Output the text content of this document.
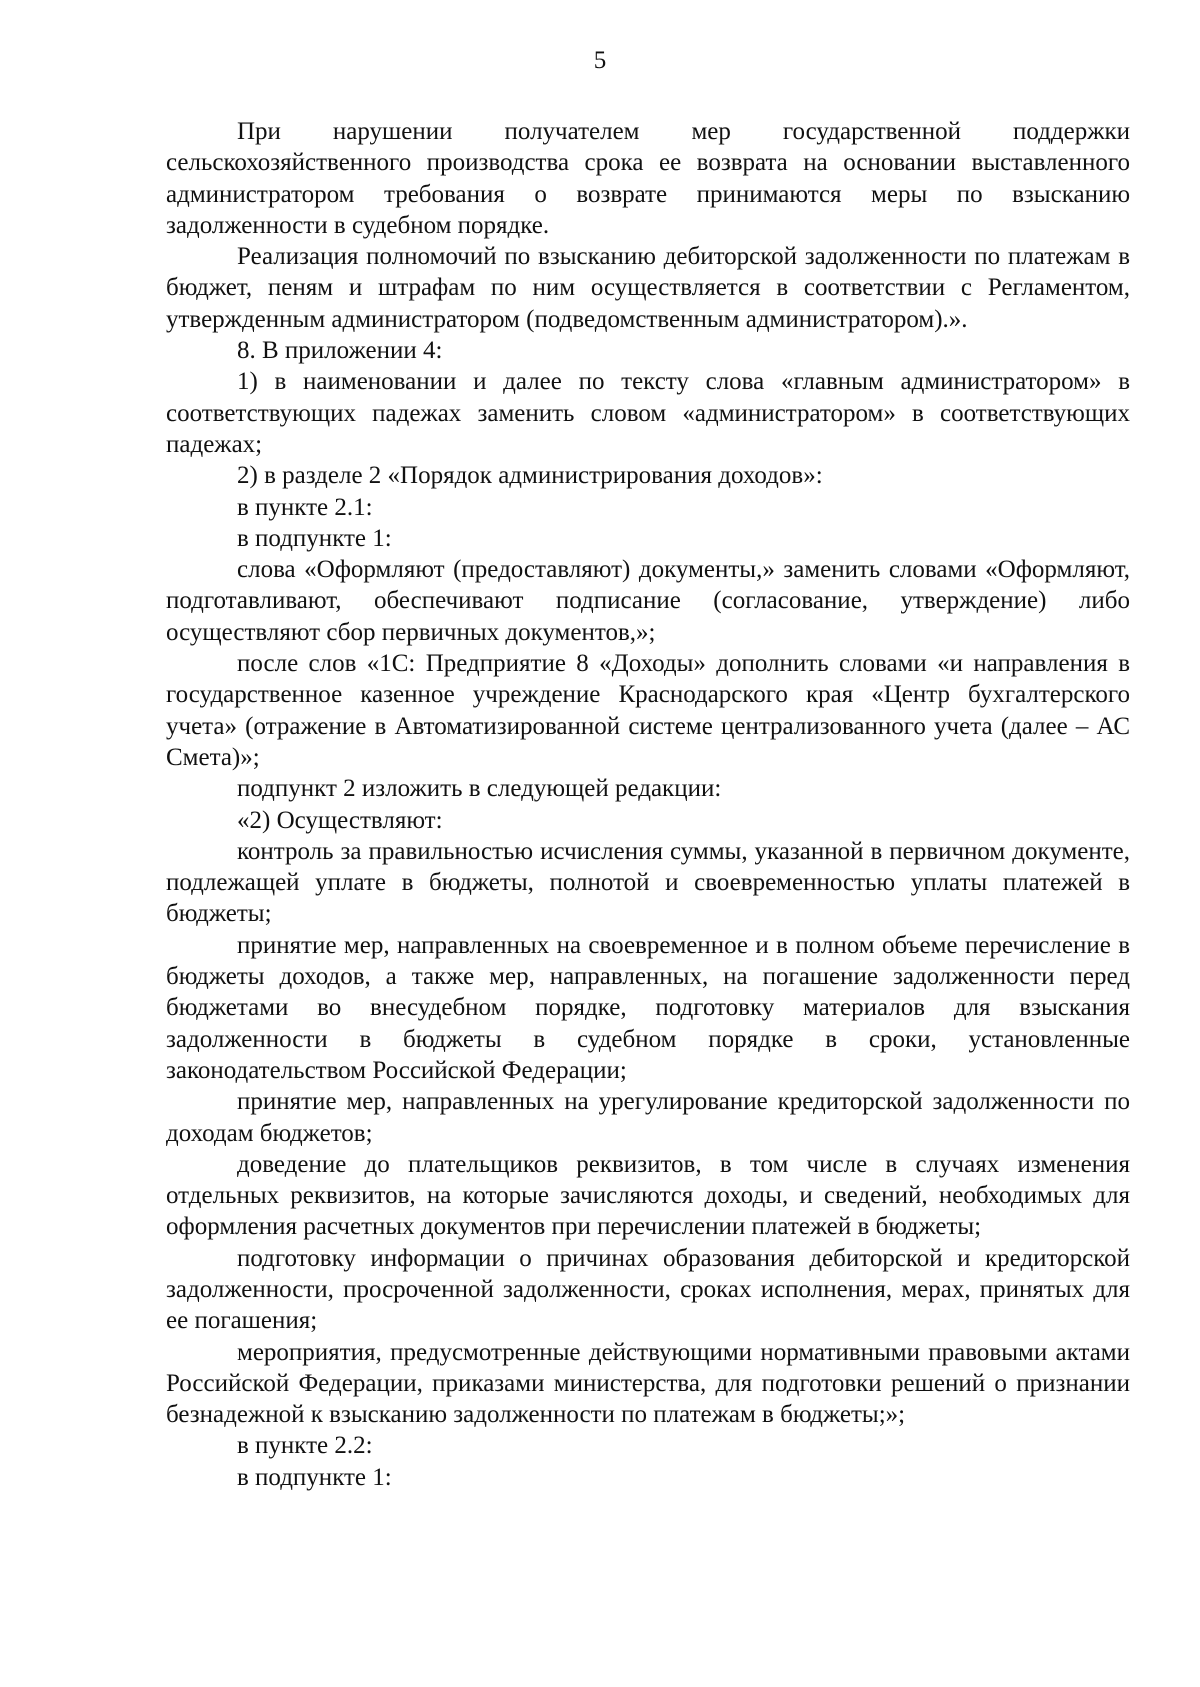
5

При нарушении получателем мер государственной поддержки сельскохозяйственного производства срока ее возврата на основании выставленного администратором требования о возврате принимаются меры по взысканию задолженности в судебном порядке.

Реализация полномочий по взысканию дебиторской задолженности по платежам в бюджет, пеням и штрафам по ним осуществляется в соответствии с Регламентом, утвержденным администратором (подведомственным администратором).».

8. В приложении 4:

1) в наименовании и далее по тексту слова «главным администратором» в соответствующих падежах заменить словом «администратором» в соответствующих падежах;

2) в разделе 2 «Порядок администрирования доходов»:

в пункте 2.1:

в подпункте 1:

слова «Оформляют (предоставляют) документы,» заменить словами «Оформляют, подготавливают, обеспечивают подписание (согласование, утверждение) либо осуществляют сбор первичных документов,»;

после слов «1С: Предприятие 8 «Доходы» дополнить словами «и направления в государственное казенное учреждение Краснодарского края «Центр бухгалтерского учета» (отражение в Автоматизированной системе централизованного учета (далее – АС Смета)»;

подпункт 2 изложить в следующей редакции:

«2) Осуществляют:

контроль за правильностью исчисления суммы, указанной в первичном документе, подлежащей уплате в бюджеты, полнотой и своевременностью уплаты платежей в бюджеты;

принятие мер, направленных на своевременное и в полном объеме перечисление в бюджеты доходов, а также мер, направленных, на погашение задолженности перед бюджетами во внесудебном порядке, подготовку материалов для взыскания задолженности в бюджеты в судебном порядке в сроки, установленные законодательством Российской Федерации;

принятие мер, направленных на урегулирование кредиторской задолженности по доходам бюджетов;

доведение до плательщиков реквизитов, в том числе в случаях изменения отдельных реквизитов, на которые зачисляются доходы, и сведений, необходимых для оформления расчетных документов при перечислении платежей в бюджеты;

подготовку информации о причинах образования дебиторской и кредиторской задолженности, просроченной задолженности, сроках исполнения, мерах, принятых для ее погашения;

мероприятия, предусмотренные действующими нормативными правовыми актами Российской Федерации, приказами министерства, для подготовки решений о признании безнадежной к взысканию задолженности по платежам в бюджеты;»;

в пункте 2.2:

в подпункте 1:
